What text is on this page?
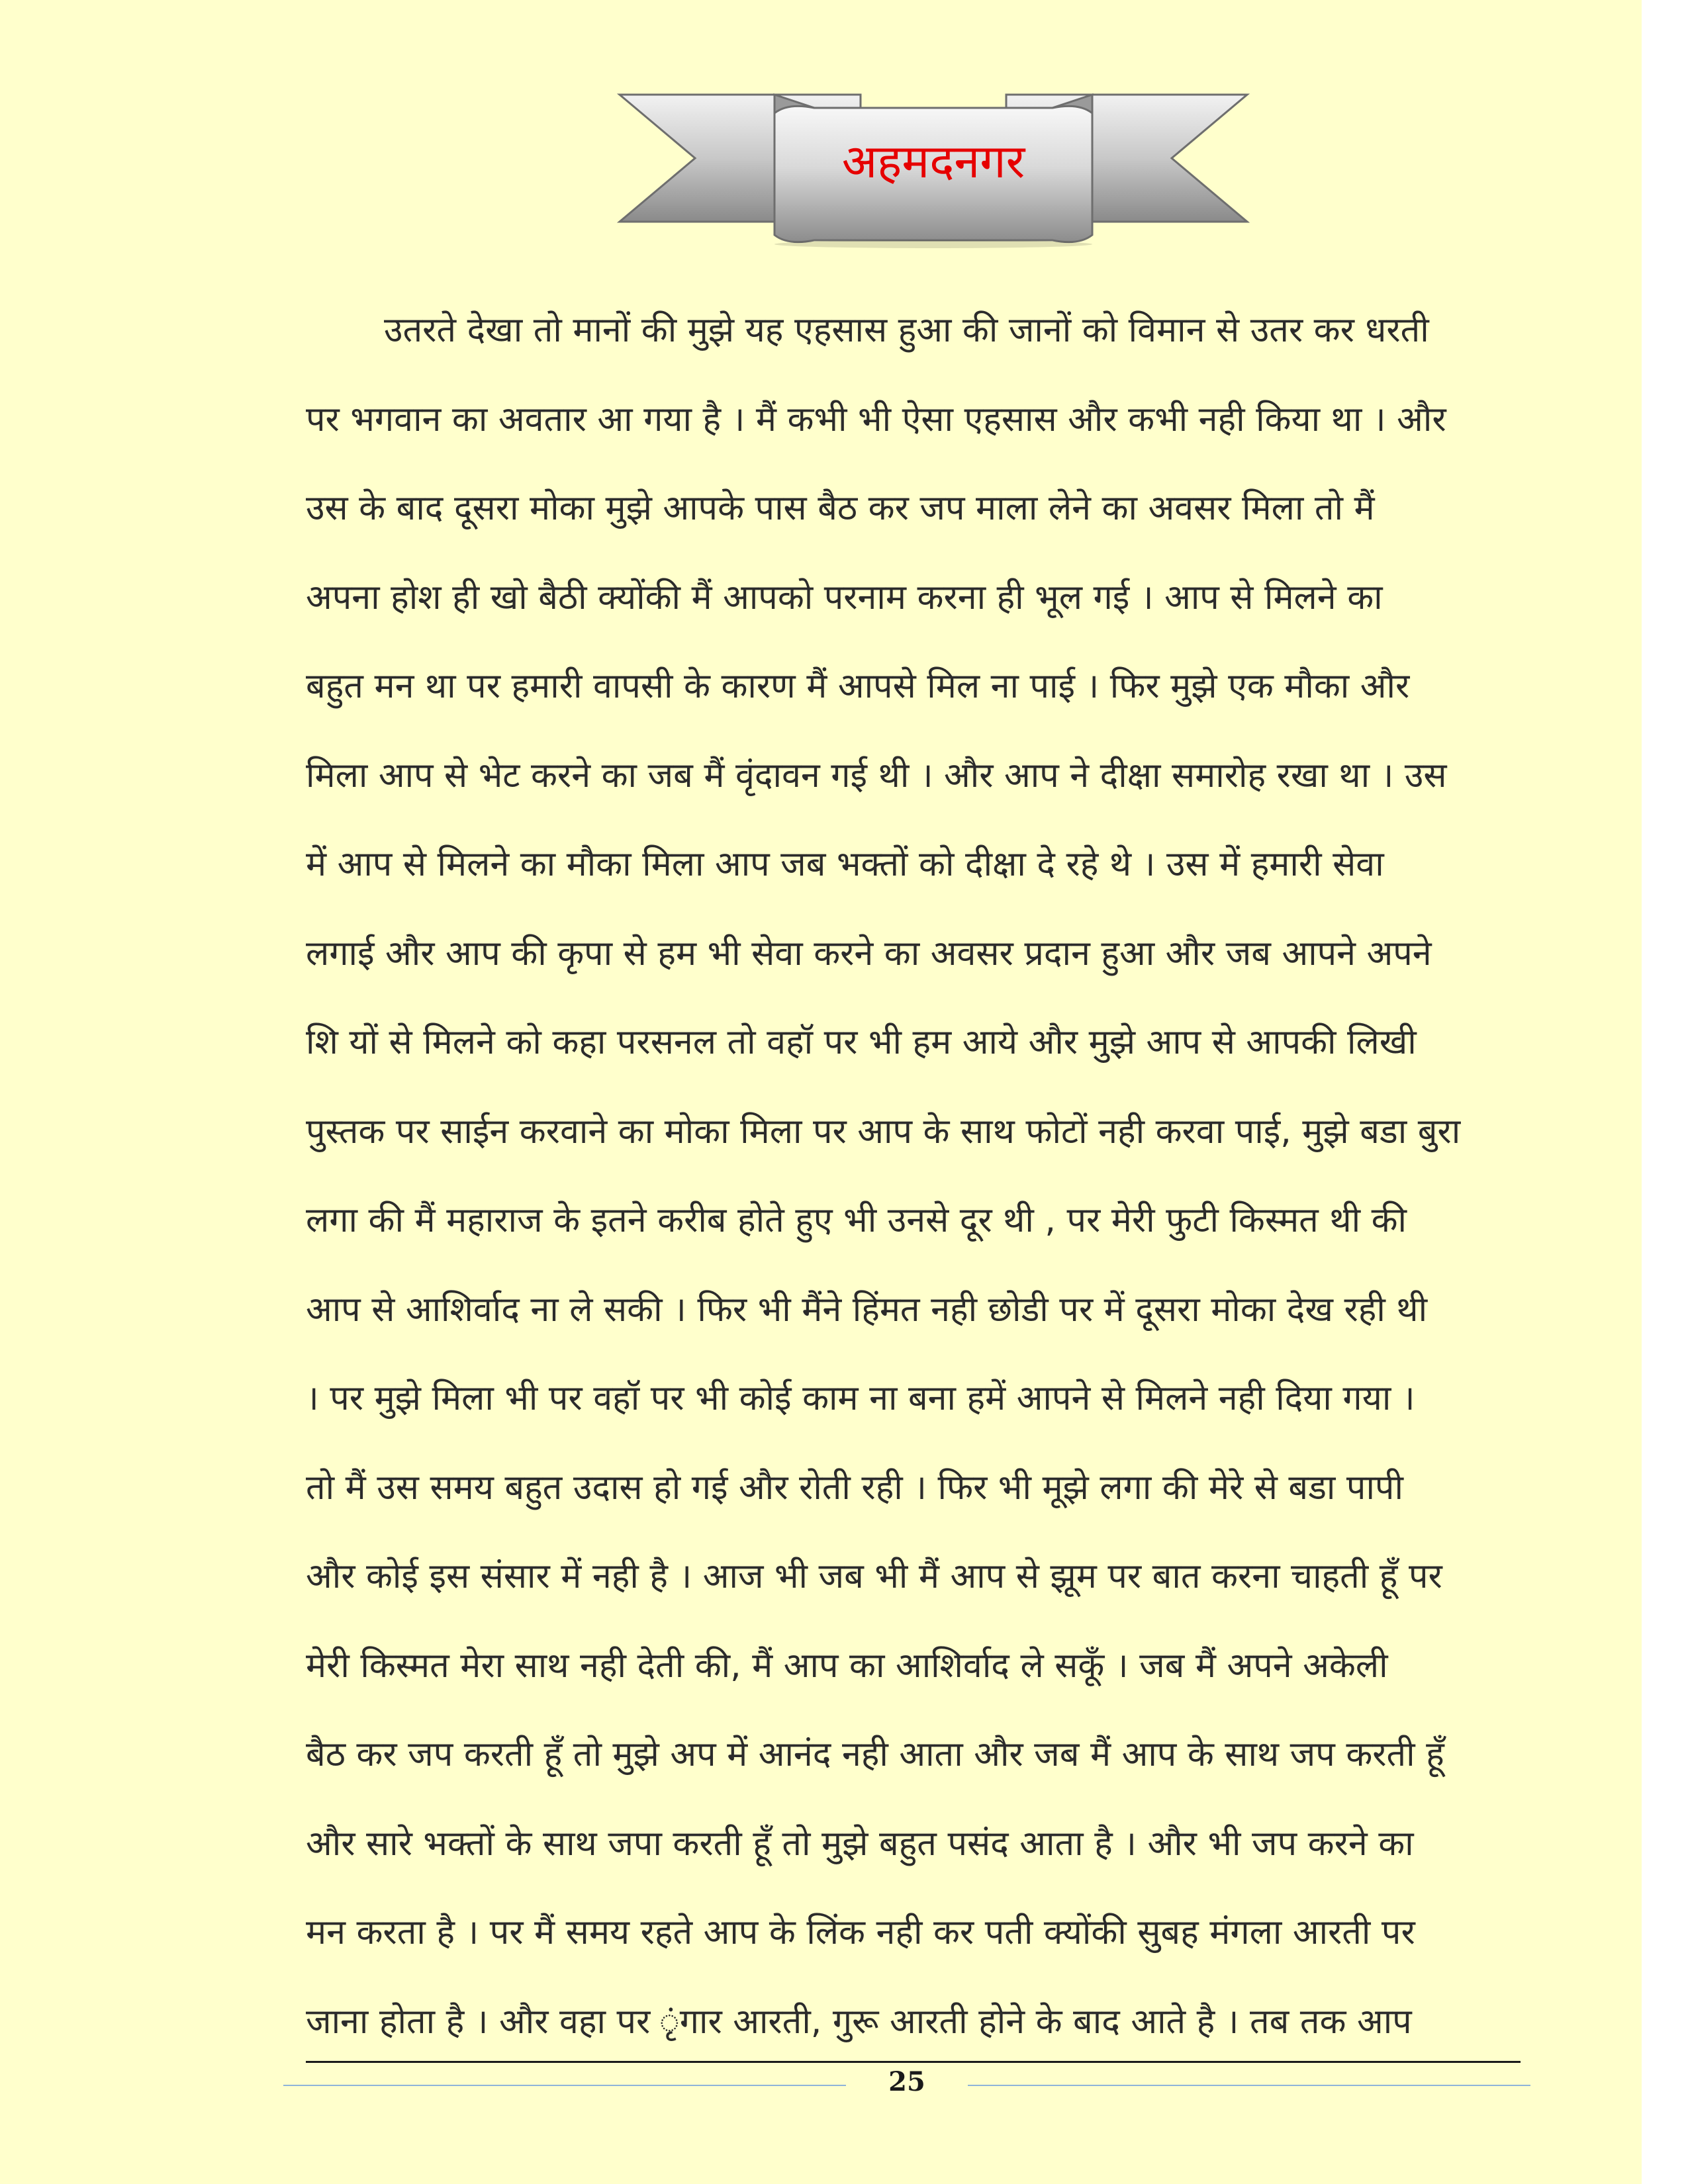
अहमदनगर
उतरते देखा तो मानों की मुझे यह एहसास हुआ की जानों को विमान से उतर कर धरती
पर भगवान का अवतार आ गया है । मैं कभी भी ऐसा एहसास और कभी नही किया था । और
उस के बाद दूसरा मोका मुझे आपके पास बैठ कर जप माला लेने का अवसर मिला तो मैं
अपना होश ही खो बैठी क्योंकी मैं आपको परनाम करना ही भूल गई । आप से मिलने का
बहुत मन था पर हमारी वापसी के कारण मैं आपसे मिल ना पाई । फिर मुझे एक मौका और
मिला आप से भेट करने का जब मैं वृंदावन गई थी । और आप ने दीक्षा समारोह रखा था । उस
में आप से मिलने का मौका मिला आप जब भक्तों को दीक्षा दे रहे थे । उस में हमारी सेवा
लगाई और आप की कृपा से हम भी सेवा करने का अवसर प्रदान हुआ और जब आपने अपने
शि यों से मिलने को कहा परसनल तो वहॉ पर भी हम आये और मुझे आप से आपकी लिखी
पुस्तक पर साईन करवाने का मोका मिला पर आप के साथ फोटों नही करवा पाई, मुझे बडा बुरा
लगा की मैं महाराज के इतने करीब होते हुए भी उनसे दूर थी , पर मेरी फुटी किस्मत थी की
आप से आशिर्वाद ना ले सकी । फिर भी मैंने हिंमत नही छोडी पर में दूसरा मोका देख रही थी
। पर मुझे मिला भी पर वहॉ पर भी कोई काम ना बना हमें आपने से मिलने नही दिया गया ।
तो मैं उस समय बहुत उदास हो गई और रोती रही । फिर भी मूझे लगा की मेरे से बडा पापी
और कोई इस संसार में नही है । आज भी जब भी मैं आप से झूम पर बात करना चाहती हूँ पर
मेरी किस्मत मेरा साथ नही देती की, मैं आप का आशिर्वाद ले सकूँ । जब मैं अपने अकेली
बैठ कर जप करती हूँ तो मुझे अप में आनंद नही आता और जब मैं आप के साथ जप करती हूँ
और सारे भक्तों के साथ जपा करती हूँ तो मुझे बहुत पसंद आता है । और भी जप करने का
मन करता है । पर मैं समय रहते आप के लिंक नही कर पती क्योंकी सुबह मंगला आरती पर
जाना होता है । और वहा पर ृंगार आरती, गुरू आरती होने के बाद आते है । तब तक आप
25
